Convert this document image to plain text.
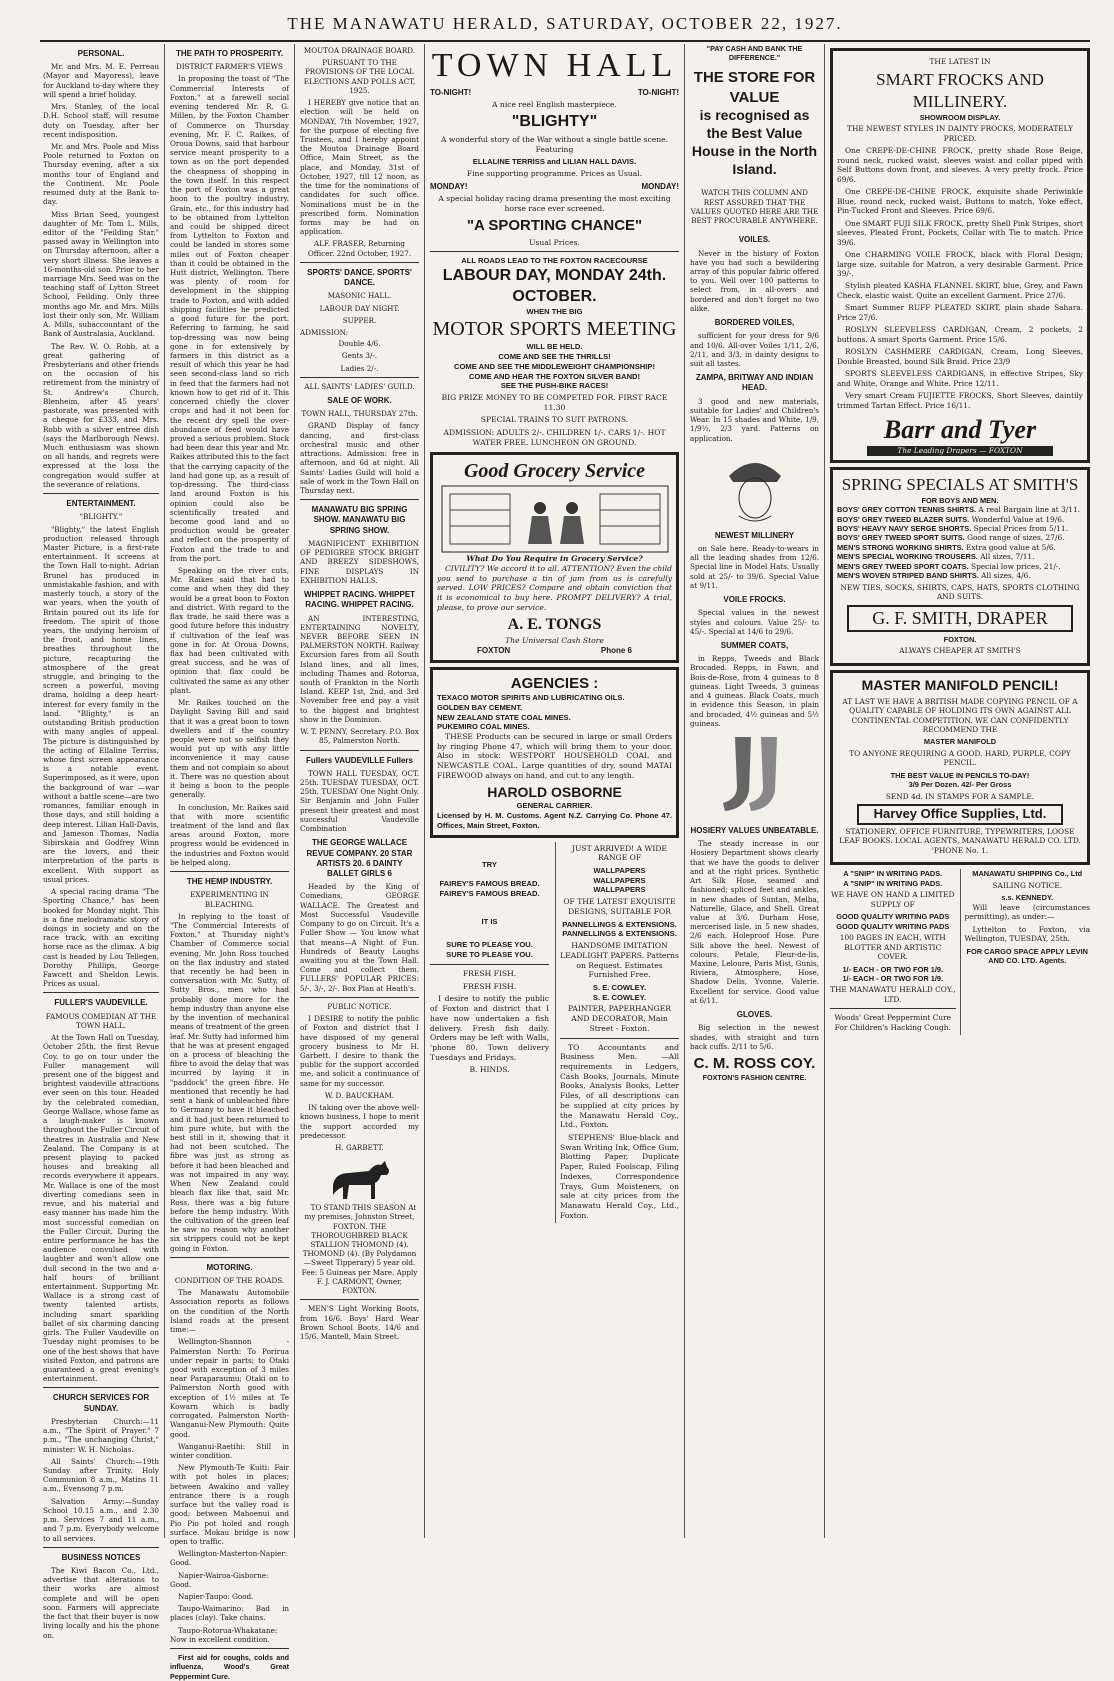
THE MANAWATU HERALD, SATURDAY, OCTOBER 22, 1927.
PERSONAL.

Mr. and Mrs. M. E. Perreau (Mayor and Mayoress), leave for Auckland to-day where they will spend a brief holiday.

Mrs. Stanley, of the local D.H. School staff, will resume duty on Tuesday, after her recent indisposition.

Mr. and Mrs. Poole and Miss Poole returned to Foxton on Thursday evening, after a six months tour of England and the Continent. Mr. Poole resumed duty at the Bank to-day.

Miss Brian Seed, youngest daughter of Mr. Tom L. Mills, editor of the "Feilding Star," passed away in Wellington into on Thursday afternoon, after a very short illness. She leaves a 16-months-old son. Prior to her marriage Mrs. Seed was on the teaching staff of Lytton Street School, Feilding. Only three months ago Mr. and Mrs. Mills lost their only son, Mr. William A. Mills, subaccountant of the Bank of Australasia, Auckland.

The Rev. W. O. Robb, at a great gathering of Presbyterians and other friends on the occasion of his retirement from the ministry of St. Andrew's Church, Blenheim, after 45 years' pastorate, was presented with a cheque for £333, and Mrs. Robb with a silver entree dish (says the Marlborough News). Much enthusiasm was shown on all hands, and regrets were expressed at the loss the congregation would suffer at the severance of relations.

ENTERTAINMENT.
"BLIGHTY."

"Blighty," the latest English production released through Master Picture, is a first-rate entertainment. It screens at the Town Hall to-night. Adrian Brunel has produced in unmistakable fashion, and with masterly touch, a story of the war years, when the youth of Britain poured out its life for freedom. The spirit of those years, the undying heroism of the front, and home lines, breathes throughout the picture, recapturing the atmosphere of the great struggle, and bringing to the screen a powerful, moving drama, holding a deep heart-interest for every family in the land. "Blighty," is an outstanding British production with many angles of appeal. The picture is distinguished by the acting of Ellaline Terriss, whose first screen appearance is a notable event. Superimposed, as it were, upon the background of war —war without a battle scene—are two romances, familiar enough in those days, and still holding a deep interest. Lilian Hall-Davis, and Jameson Thomas, Nadia Sibirskaia and Godfrey Winn are the lovers, and their interpretation of the parts is excellent. With support as usual prices.

A special racing drama "The Sporting Chance," has been booked for Monday night. This is a fine melodramatic story of doings in society and on the race track, with an exciting horse race as the climax. A big cast is headed by Lou Tellegen, Dorothy Phillips, George Fawcett and Sheldon Lewis. Prices as usual.

FULLER'S VAUDEVILLE.
FAMOUS COMEDIAN AT THE TOWN HALL.

At the Town Hall on Tuesday, October 25th, the first Revue Coy. to go on tour under the Fuller management will present one of the biggest and brightest vaudeville attractions ever seen on this tour. Headed by the celebrated comedian, George Wallace, whose fame as a laugh-maker is known throughout the Fuller Circuit of theatres in Australia and New Zealand. The Company is at present playing to packed houses and breaking all records everywhere it appears. Mr. Wallace is one of the most diverting comedians seen in revue, and his material and easy manner has made him the most successful comedian on the Fuller Circuit. During the entire performance he has the audience convulsed with laughter and won't allow one dull second in the two and a-half hours of brilliant entertainment. Supporting Mr. Wallace is a strong cast of twenty talented artists, including smart sparkling ballet of six charming dancing girls. The Fuller Vaudeville on Tuesday night promises to be one of the best shows that have visited Foxton, and patrons are guaranteed a great evening's entertainment.

CHURCH SERVICES FOR SUNDAY.

Presbyterian Church:—11 a.m., "The Spirit of Prayer." 7 p.m., "The unchanging Christ," minister: W. H. Nicholas.

All Saints' Church:—19th Sunday after Trinity. Holy Communion 8 a.m., Matins 11 a.m., Evensong 7 p.m.

Salvation Army:—Sunday School 10.15 a.m., and 2.30 p.m. Services 7 and 11 a.m., and 7 p.m. Everybody welcome to all services.

BUSINESS NOTICES

The Kiwi Bacon Co., Ltd., advertise that alterations to their works are almost complete and will be open soon. Farmers will appreciate the fact that their buyer is now living locally and his the phone on.

THE PATH TO PROSPERITY.
DISTRICT FARMER'S VIEWS

In proposing the toast of "The Commercial Interests of Foxton," at a farewell social evening tendered Mr. R. G. Millen, by the Foxton Chamber of Commerce on Thursday evening, Mr. F. C. Raikes, of Oroua Downs, said that harbour service meant prosperity to a town as on the port depended the cheapness of shopping in the town itself. In this respect the port of Foxton was a great boon to the poultry industry. Grain, etc., for this industry had to be obtained from Lyttelton and could be shipped direct from Lyttelton to Foxton and could be landed in stores some miles out of Foxton cheaper than it could be obtained in the Hutt district, Wellington. There was plenty of room for development in the shipping trade to Foxton, and with added shipping facilities he predicted a good future for the port. Referring to farming, he said top-dressing was now being gone in for extensively by farmers in this district as a result of which this year he had seen second-class land so rich in feed that the farmers had not known how to get rid of it. This concerned chiefly the clover crops and had it not been for the recent dry spell the over-abundance of feed would have proved a serious problem. Stock had been dear this year and Mr. Raikes attributed this to the fact that the carrying capacity of the land had gone up, as a result of top-dressing. The third-class land around Foxton is his opinion could also be scientifically treated and become good land and so production would be greater and reflect on the prosperity of Foxton and the trade to and from the port.

Speaking on the river cuts, Mr. Raikes said that had to come and when they did they would be a great boon to Foxton and district. With regard to the flax trade, he said there was a good future before this industry if cultivation of the leaf was gone in for. At Oroua Downs, flax had been cultivated with great success, and he was of opinion that flax could be cultivated the same as any other plant.

Mr. Raikes touched on the Daylight Saving Bill and said that it was a great boon to town dwellers and if the country people were not so selfish they would put up with any little inconvenience it may cause them and not complain so about it. There was no question about it being a boon to the people generally.

In conclusion, Mr. Raikes said that with more scientific treatment of the land and flax areas around Foxton, more progress would be evidenced in the industries and Foxton would be helped along.

THE HEMP INDUSTRY.
EXPERIMENTING IN BLEACHING.

In replying to the toast of "The Commercial Interests of Foxton," at Thursday night's Chamber of Commerce social evening, Mr. John Ross touched on the flax industry and stated that recently he had been in conversation with Mr. Sutty, of Sutty Bros., men who had probably done more for the hemp industry than anyone else by the invention of mechanical means of treatment of the green leaf. Mr. Sutty had informed him that he was at present engaged on a process of bleaching the fibre to avoid the delay that was incurred by laying it in "paddock" the green fibre. He mentioned that recently he had sent a hank of unbleached fibre to Germany to have it bleached and it had just been returned to him pure white, but with the best still in it, showing that it had not been scutched. The fibre was just as strong as before it had been bleached and was not impaired in any way. When New Zealand could bleach flax like that, said Mr. Ross, there was a big future before the hemp industry. With the cultivation of the green leaf he saw no reason why another six strippers could not be kept going in Foxton.

MOTORING.
CONDITION OF THE ROADS.

The Manawatu Automobile Association reports as follows on the condition of the North Island roads at the present time:—

Wellington-Shannon - Palmerston North: To Porirua under repair in parts; to Otaki good with exception of 3 miles near Paraparaumu; Otaki on to Palmerston North good with exception of 1½ miles at Te Kowarn which is badly corrugated. Palmerston North-Wanganui-New Plymouth: Quite good.

Wanganui-Raetihi: Still in winter condition.

New Plymouth-Te Kuiti: Fair with pot holes in places; between Awakino and valley entrance there is a rough surface but the valley road is good; between Mahoenui and Pio Pio pot holed and rough surface. Mokau bridge is now open to traffic.

Wellington-Masterton-Napier: Good.

Napier-Wairoa-Gisborne: Good.

Napier-Taupo: Good.

Taupo-Waimarino: Bad in places (clay). Take chains.

Taupo-Rotorua-Whakatane: Now in excellent condition.

First aid for coughs, colds and influenza, Wood's Great Peppermint Cure.

MOUTOA DRAINAGE BOARD.
PURSUANT TO THE PROVISIONS OF THE LOCAL ELECTIONS AND POLLS ACT, 1925.

I HEREBY give notice that an election will be held on MONDAY, 7th November, 1927, for the purpose of electing five Trustees, and I hereby appoint the Moutoa Drainage Board Office, Main Street, as the place, and Monday, 31st of October, 1927, till 12 noon, as the time for the nominations of candidates for such office. Nominations must be in the prescribed form. Nomination forms may be had on application.

ALF. FRASER, Returning Officer. 22nd October, 1927.
SPORTS' DANCE. SPORTS' DANCE.
MASONIC HALL.
LABOUR DAY NIGHT.
SUPPER.
ADMISSION:
Double 4/6.
Gents 3/-.
Ladies 2/-.
ALL SAINTS' LADIES' GUILD.
SALE OF WORK.
TOWN HALL, THURSDAY 27th.

GRAND Display of fancy dancing, and first-class orchestral music and other attractions. Admission: free in afternoon, and 6d at night. All Saints' Ladies Guild will hold a sale of work in the Town Hall on Thursday next.

MANAWATU BIG SPRING SHOW. MANAWATU BIG SPRING SHOW.

MAGNIFICENT EXHIBITION OF PEDIGREE STOCK BRIGHT AND BREEZY SIDESHOWS, FINE DISPLAYS IN EXHIBITION HALLS.

WHIPPET RACING. WHIPPET RACING. WHIPPET RACING.

AN INTERESTING, ENTERTAINING NOVELTY, NEVER BEFORE SEEN IN PALMERSTON NORTH. Railway Excursion fares from all South Island lines, and all lines, including Thames and Rotorua, south of Frankton in the North Island. KEEP 1st, 2nd, and 3rd November free and pay a visit to the biggest and brightest show in the Dominion.

W. T. PENNY, Secretary. P.O. Box 85, Palmerston North.
Fullers VAUDEVILLE Fullers

TOWN HALL TUESDAY, OCT. 25th. TUESDAY TUESDAY, OCT. 25th. TUESDAY One Night Only. Sir Benjamin and John Fuller present their greatest and most successful Vaudeville Combination

THE GEORGE WALLACE REVUE COMPANY. 20 STAR ARTISTS 20. 6 DAINTY BALLET GIRLS 6

Headed by the King of Comedians, GEORGE WALLACE. The Greatest and Most Successful Vaudeville Company to go on Circuit. It's a Fuller Show — You know what that means—A Night of Fun. Hundreds of Beauty Laughs awaiting you at the Town Hall. Come and collect them. FULLERS' POPULAR PRICES: 5/-, 3/-, 2/-. Box Plan at Heath's.

PUBLIC NOTICE.

I DESIRE to notify the public of Foxton and district that I have disposed of my general grocery business to Mr H. Garbett. I desire to thank the public for the support accorded me, and solicit a continuance of same for my successor.

W. D. BAUCKHAM.

IN taking over the above well-known business, I hope to merit the support accorded my predecessor.

H. GARBETT.

TO STAND THIS SEASON At my premises, Johnston Street, FOXTON. THE THOROUGHBRED BLACK STALLION THOMOND (4). THOMOND (4). (By Polydamon—Sweet Tipperary) 5 year old. Fee: 5 Guineas per Mare. Apply F. J. CARMONT, Owner, FOXTON.

MEN'S Light Working Boots, from 16/6. Boys' Hard Wear Brown School Boots, 14/6 and 15/6. Mantell, Main Street.

TOWN HALL
TO-NIGHT!	TO-NIGHT!
A nice reel English masterpiece.
"BLIGHTY"
A wonderful story of the War without a single battle scene. Featuring
ELLALINE TERRISS and LILIAN HALL DAVIS.
Fine supporting programme. Prices as Usual.
MONDAY!	MONDAY!
A special holiday racing drama presenting the most exciting horse race ever screened.
"A SPORTING CHANCE"
Usual Prices.
ALL ROADS LEAD TO THE FOXTON RACECOURSE
LABOUR DAY, MONDAY 24th. OCTOBER.
WHEN THE BIG
MOTOR SPORTS MEETING
WILL BE HELD.
COME AND SEE THE THRILLS!
COME AND SEE THE MIDDLEWEIGHT CHAMPIONSHIP!
COME AND HEAR THE FOXTON SILVER BAND!
SEE THE PUSH-BIKE RACES!
BIG PRIZE MONEY TO BE COMPETED FOR. FIRST RACE 11.30
SPECIAL TRAINS TO SUIT PATRONS.
ADMISSION: ADULTS 2/-. CHILDREN 1/-. CARS 1/-. HOT WATER FREE. LUNCHEON ON GROUND.
Good Grocery Service
What Do You Require in Grocery Service?

CIVILITY? We accord it to all. ATTENTION? Even the child you send to purchase a tin of jam from us is carefully served. LOW PRICES? Compare and obtain conviction that it is economical to buy here. PROMPT DELIVERY? A trial, please, to prove our service.

A. E. TONGS
The Universal Cash Store
FOXTON	Phone 6
AGENCIES :
TEXACO MOTOR SPIRITS AND LUBRICATING OILS.
GOLDEN BAY CEMENT.
NEW ZEALAND STATE COAL MINES.
PUKEMIRO COAL MINES.

THESE Products can be secured in large or small Orders by ringing Phone 47, which will bring them to your door. Also in stock: WESTPORT HOUSEHOLD COAL and NEWCASTLE COAL. Large quantities of dry, sound MATAI FIREWOOD always on hand, and cut to any length.

HAROLD OSBORNE
GENERAL CARRIER.
Licensed by H. M. Customs. Agent N.Z. Carrying Co. Phone 47. Offices, Main Street, Foxton.
TRY
FAIREY'S FAMOUS BREAD.
FAIREY'S FAMOUS BREAD.
IT IS
SURE TO PLEASE YOU.
SURE TO PLEASE YOU.
FRESH FISH.
FRESH FISH.

I desire to notify the public of Foxton and district that I have now undertaken a fish delivery. Fresh fish daily. Orders may be left with Walls, 'phone 80. Town delivery Tuesdays and Fridays.

B. HINDS.
JUST ARRIVED! A WIDE RANGE OF
WALLPAPERS
WALLPAPERS
WALLPAPERS
OF THE LATEST EXQUISITE DESIGNS, SUITABLE FOR
PANNELLINGS & EXTENSIONS.
PANNELLINGS & EXTENSIONS.
HANDSOME IMITATION LEADLIGHT PAPERS. Patterns on Request. Estimates Furnished Free.
S. E. COWLEY.
S. E. COWLEY.
PAINTER, PAPERHANGER AND DECORATOR, Main Street - Foxton.

TO Accountants and Business Men. —All requirements in Ledgers, Cash Books, Journals, Minute Books, Analysis Books, Letter Files, of all descriptions can be supplied at city prices by the Manawatu Herald Coy., Ltd., Foxton.

STEPHENS' Blue-black and Swan Writing Ink, Office Gum, Blotting Paper, Duplicate Paper, Ruled Foolscap, Filing Indexes, Correspondence Trays, Gum Moisteners, on sale at city prices from the Manawatu Herald Coy., Ltd., Foxton.

"PAY CASH AND BANK THE DIFFERENCE."
THE STORE FOR VALUE
is recognised as the Best Value House in the North Island.
WATCH THIS COLUMN AND REST ASSURED THAT THE VALUES QUOTED HERE ARE THE BEST PROCURABLE ANYWHERE.
VOILES.

Never in the history of Foxton have you had such a bewildering array of this popular fabric offered to you. Well over 100 patterns to select from, in all-overs and bordered and don't forget no two alike.

BORDERED VOILES,

sufficient for your dress for 9/6 and 10/6. All-over Voiles 1/11, 2/6, 2/11, and 3/3, in dainty designs to suit all tastes.

ZAMPA, BRITWAY AND INDIAN HEAD.

3 good and new materials, suitable for Ladies' and Children's Wear. In 15 shades and White, 1/9, 1/9½, 2/3 yard. Patterns on application.

NEWEST MILLINERY

on Sale here. Ready-to-wears in all the leading shades from 12/6. Special line in Model Hats. Usually sold at 25/- to 39/6. Special Value at 9/11.

VOILE FROCKS.

Special values in the newest styles and colours. Value 25/- to 45/-. Special at 14/6 to 29/6.

SUMMER COATS,

in Repps, Tweeds and Black Brocaded. Repps, in Fawn, and Bois-de-Rose, from 4 guineas to 8 guineas. Light Tweeds, 3 guineas and 4 guineas. Black Coats, much in evidence this Season, in plain and brocaded, 4½ guineas and 5½ guineas.

HOSIERY VALUES UNBEATABLE.

The steady increase in our Hosiery Department shows clearly that we have the goods to deliver and at the right prices. Synthetic Art Silk Hose, seamed and fashioned; spliced feet and ankles, in new shades of Suntan, Melba, Naturelle, Glace, and Shell. Great value at 3/6. Durham Hose, mercerised lisle, in 5 new shades, 2/6 each. Holeproof Hose. Pure Silk above the heel. Newest of colours, Petale, Fleur-de-lis, Maxine, Leloure, Paris Mist, Gunis, Riviera, Atmosphere, Hose, Shadow Delis, Yvonne, Valerie. Excellent for service. Good value at 6/11.

GLOVES.

Big selection in the newest shades, with straight and turn back cuffs. 2/11 to 5/6.

C. M. ROSS COY.
FOXTON'S FASHION CENTRE.
THE LATEST IN
SMART FROCKS AND MILLINERY.
SHOWROOM DISPLAY.
THE NEWEST STYLES IN DAINTY FROCKS, MODERATELY PRICED.

One CREPE-DE-CHINE FROCK, pretty shade Rose Beige, round neck, rucked waist, sleeves waist and collar piped with Self Buttons down front, and sleeves. A very pretty frock. Price 69/6.

One CREPE-DE-CHINE FROCK, exquisite shade Periwinkle Blue, round neck, rucked waist, Buttons to match, Yoke effect, Pin-Tucked Front and Sleeves. Price 69/6.

One SMART FUJI SILK FROCK, pretty Shell Pink Stripes, short sleeves, Pleated Front, Pockets, Collar with Tie to match. Price 39/6.

One CHARMING VOILE FROCK, black with Floral Design; large size, suitable for Matron, a very desirable Garment. Price 39/-.

Stylish pleated KASHA FLANNEL SKIRT, blue, Grey, and Fawn Check, elastic waist. Quite an excellent Garment. Price 27/6.

Smart Summer RUFF PLEATED SKIRT, plain shade Sahara. Price 27/6.

ROSLYN SLEEVELESS CARDIGAN, Cream, 2 pockets, 2 buttons. A smart Sports Garment. Price 15/6.

ROSLYN CASHMERE CARDIGAN, Cream, Long Sleeves, Double Breasted, bound Silk Braid. Price 23/9

SPORTS SLEEVELESS CARDIGANS, in effective Stripes, Sky and White, Orange and White. Price 12/11.

Very smart Cream FUJIETTE FROCKS, Short Sleeves, daintily trimmed Tartan Effect. Price 16/11.

Barr and Tyer
The Leading Drapers — FOXTON
SPRING SPECIALS AT SMITH'S
FOR BOYS AND MEN.
BOYS' GREY COTTON TENNIS SHIRTS. A real Bargain line at 3/11.
BOYS' GREY TWEED BLAZER SUITS. Wonderful Value at 19/6.
BOYS' HEAVY NAVY SERGE SHORTS. Special Prices from 5/11.
BOYS' GREY TWEED SPORT SUITS. Good range of sizes, 27/6.
MEN'S STRONG WORKING SHIRTS. Extra good value at 5/6.
MEN'S SPECIAL WORKING TROUSERS. All sizes, 7/11.
MEN'S GREY TWEED SPORT COATS. Special low prices, 21/-.
MEN'S WOVEN STRIPED BAND SHIRTS. All sizes, 4/6.
NEW TIES, SOCKS, SHIRTS, CAPS, HATS, SPORTS CLOTHING AND SUITS.
G. F. SMITH, DRAPER
FOXTON.
ALWAYS CHEAPER AT SMITH'S
MASTER MANIFOLD PENCIL!
AT LAST WE HAVE A BRITISH MADE COPYING PENCIL OF A QUALITY CAPABLE OF HOLDING ITS OWN AGAINST ALL CONTINENTAL COMPETITION. WE CAN CONFIDENTLY RECOMMEND THE
MASTER MANIFOLD
TO ANYONE REQUIRING A GOOD, HARD, PURPLE, COPY PENCIL.
THE BEST VALUE IN PENCILS TO-DAY!
3/9 Per Dozen. 42/- Per Gross
SEND 4d. IN STAMPS FOR A SAMPLE.
Harvey Office Supplies, Ltd.
STATIONERY, OFFICE FURNITURE, TYPEWRITERS, LOOSE LEAF BOOKS. LOCAL AGENTS, MANAWATU HERALD CO. LTD. 'PHONE No. 1.
A "SNIP" IN WRITING PADS.
A "SNIP" IN WRITING PADS.
WE HAVE ON HAND A LIMITED SUPPLY OF
GOOD QUALITY WRITING PADS
GOOD QUALITY WRITING PADS
100 PAGES IN EACH, WITH BLOTTER AND ARTISTIC COVER.
1/- EACH - OR TWO FOR 1/9.
1/- EACH - OR TWO FOR 1/9.
THE MANAWATU HERALD COY., LTD.
Woods' Great Peppermint Cure For Children's Hacking Cough.
MANAWATU SHIPPING Co., Ltd
SAILING NOTICE.
s.s. KENNEDY.

Will leave (circumstances permitting), as under:—

Lyttelton to Foxton, via Wellington, TUESDAY, 25th.

FOR CARGO SPACE APPLY LEVIN AND CO. LTD. Agents.
